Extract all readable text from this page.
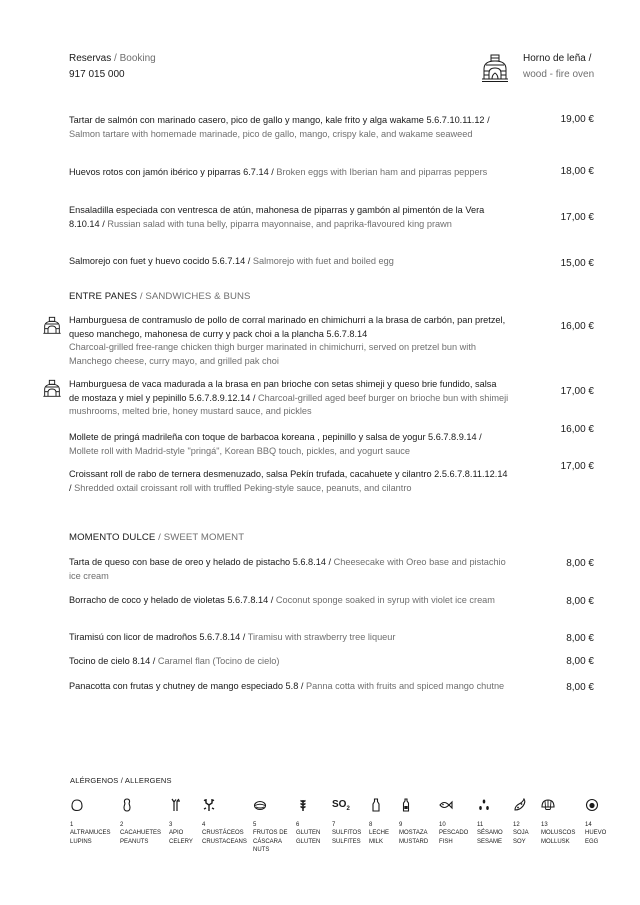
Reservas / Booking
917 015 000
Horno de leña /
wood - fire oven
Tartar de salmón con marinado casero, pico de gallo y mango, kale frito y alga wakame 5.6.7.10.11.12 / Salmon tartare with homemade marinade, pico de gallo, mango, crispy kale, and wakame seaweed
19,00 €
Huevos rotos con jamón ibérico y piparras 6.7.14 / Broken eggs with Iberian ham and piparras peppers	18,00 €
Ensaladilla especiada con ventresca de atún, mahonesa de piparras y gambón al pimentón de la Vera 8.10.14 / Russian salad with tuna belly, piparra mayonnaise, and paprika-flavoured king prawn
17,00 €
Salmorejo con fuet y huevo cocido 5.6.7.14 / Salmorejo with fuet and boiled egg	15,00 €
ENTRE PANES / SANDWICHES & BUNS
Hamburguesa de contramuslo de pollo de corral marinado en chimichurri a la brasa de carbón, pan pretzel, queso manchego, mahonesa de curry y pack choi a la plancha 5.6.7.8.14
Charcoal-grilled free-range chicken thigh burger marinated in chimichurri, served on pretzel bun with Manchego cheese, curry mayo, and grilled pak choi
16,00 €
Hamburguesa de vaca madurada a la brasa en pan brioche con setas shimeji y queso brie fundido, salsa de mostaza y miel y pepinillo 5.6.7.8.9.12.14 / Charcoal-grilled aged beef burger on brioche bun with shimeji mushrooms, melted brie, honey mustard sauce, and pickles
17,00 €
Mollete de pringá madrileña con toque de barbacoa koreana , pepinillo y salsa de yogur 5.6.7.8.9.14 / Mollete roll with Madrid-style "pringá", Korean BBQ touch, pickles, and yogurt sauce
16,00 €
Croissant roll de rabo de ternera desmenuzado, salsa Pekín trufada, cacahuete y cilantro 2.5.6.7.8.11.12.14 / Shredded oxtail croissant roll with truffled Peking-style sauce, peanuts, and cilantro
17,00 €
MOMENTO DULCE / SWEET MOMENT
Tarta de queso con base de oreo y helado de pistacho 5.6.8.14 / Cheesecake with Oreo base and pistachio ice cream
8,00 €
Borracho de coco y helado de violetas 5.6.7.8.14 / Coconut sponge soaked in syrup with violet ice cream	8,00 €
Tiramisú con licor de madroños 5.6.7.8.14 / Tiramisu with strawberry tree liqueur	8,00 €
Tocino de cielo 8.14 / Caramel flan (Tocino de cielo)	8,00 €
Panacotta con frutas y chutney de mango especiado 5.8 / Panna cotta with fruits and spiced mango chutne	8,00 €
ALÉRGENOS / ALLERGENS
1
ALTRAMUCES
LUPINS
2
CACAHUETES
PEANUTS
3
APIO
CELERY
4
CRUSTÁCEOS
CRUSTACEANS
5
FRUTOS DE CÁSCARA
NUTS
6
GLUTEN
GLUTEN
$SO_2$
7
SULFITOS
SULFITES
8
LECHE
MILK
9
MOSTAZA
MUSTARD
10
PESCADO
FISH
11
SÉSAMO
SESAME
12
SOJA
SOY
13
MOLUSCOS
MOLLUSK
14
HUEVO
EGG
